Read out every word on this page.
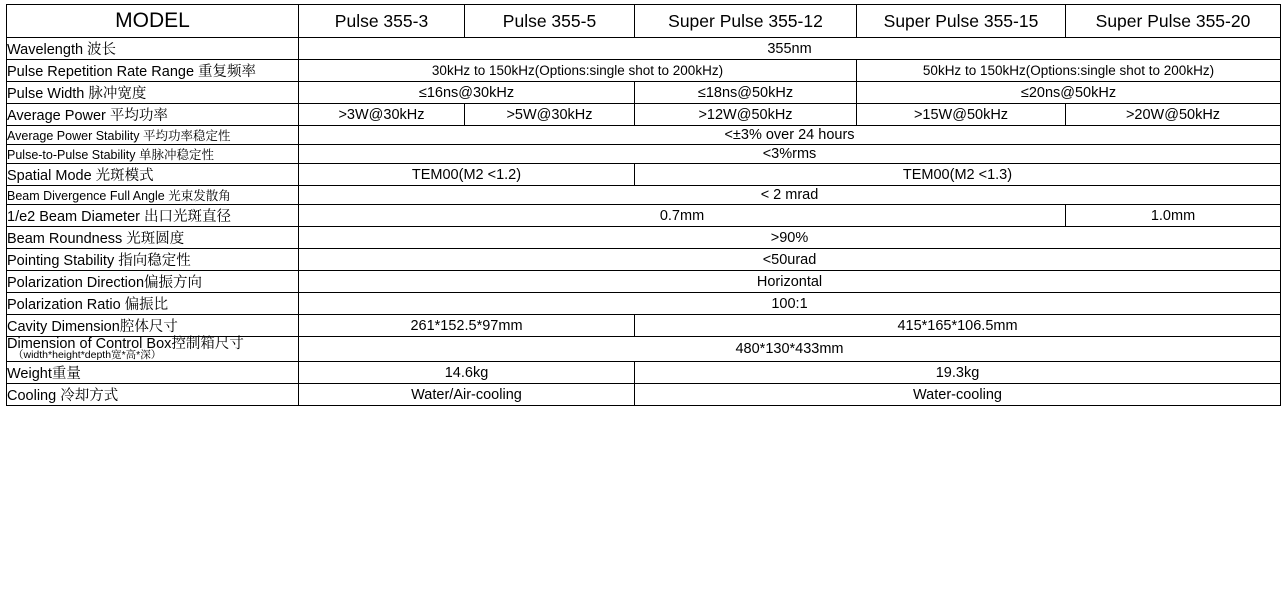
MODEL	Pulse 355-3	Pulse 355-5	Super Pulse 355-12	Super Pulse 355-15	Super Pulse 355-20
Wavelength 波长	355nm				
Pulse Repetition Rate Range 重复频率	30kHz to 150kHz(Options:single shot to 200kHz)			50kHz to 150kHz(Options:single shot to 200kHz)	
Pulse Width 脉冲宽度	≤16ns@30kHz		≤18ns@50kHz	≤20ns@50kHz	
Average Power 平均功率	>3W@30kHz	>5W@30kHz	>12W@50kHz	>15W@50kHz	>20W@50kHz
Average Power Stability 平均功率稳定性	<±3% over 24 hours				
Pulse-to-Pulse Stability 单脉冲稳定性	<3%rms				
Spatial Mode 光斑模式	TEM00(M2 <1.2)		TEM00(M2 <1.3)		
Beam Divergence Full Angle 光束发散角	< 2 mrad				
1/e2 Beam Diameter 出口光斑直径	0.7mm				1.0mm
Beam Roundness 光斑圆度	>90%				
Pointing Stability 指向稳定性	<50urad				
Polarization Direction偏振方向	Horizontal				
Polarization Ratio 偏振比	100:1				
Cavity Dimension腔体尺寸	261*152.5*97mm		415*165*106.5mm		
Dimension of Control Box控制箱尺寸
（width*height*depth宽*高*深）	480*130*433mm				
Weight重量	14.6kg		19.3kg		
Cooling 冷却方式	Water/Air-cooling		Water-cooling		
